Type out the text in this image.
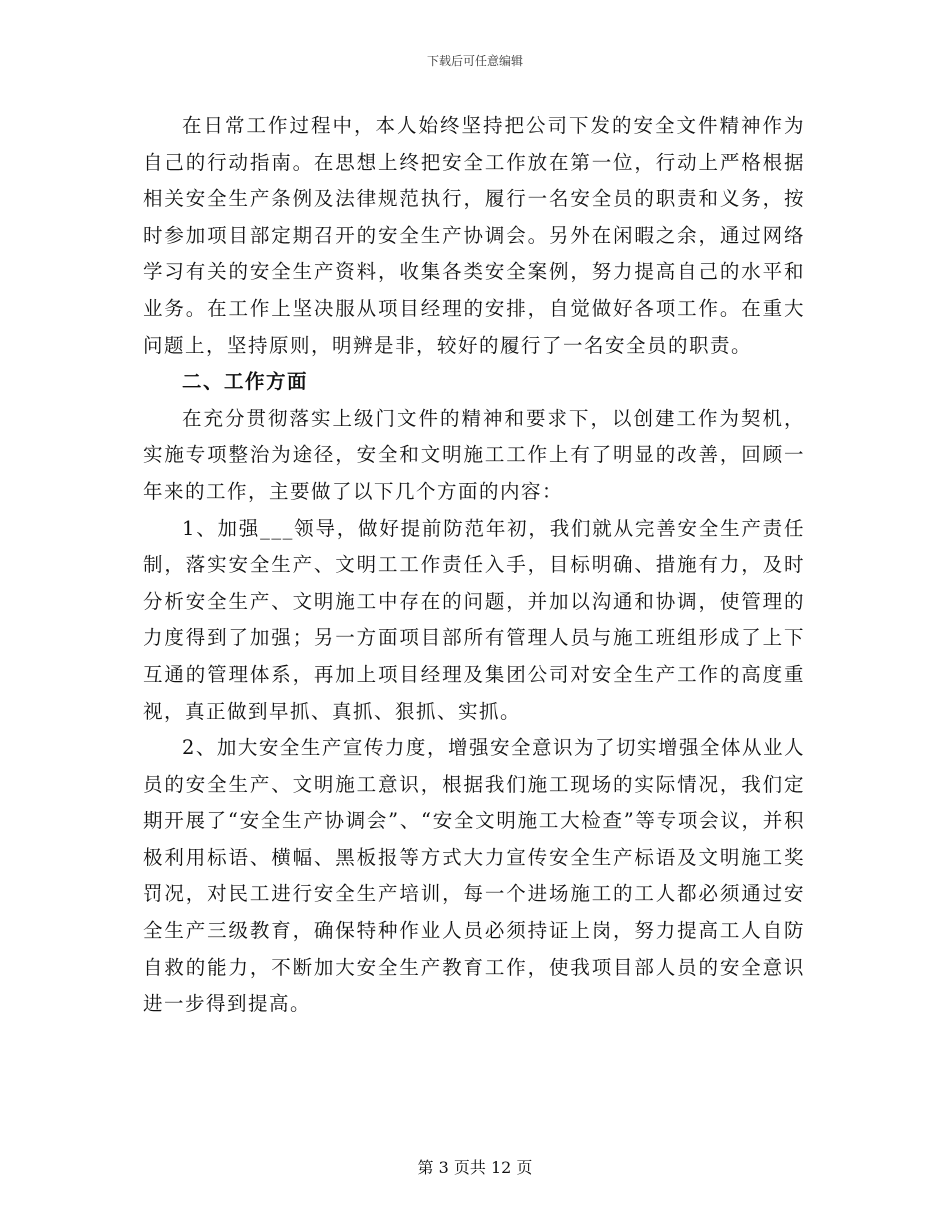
下载后可任意编辑

在日常工作过程中，本人始终坚持把公司下发的安全文件精神作为自己的行动指南。在思想上终把安全工作放在第一位，行动上严格根据相关安全生产条例及法律规范执行，履行一名安全员的职责和义务，按时参加项目部定期召开的安全生产协调会。另外在闲暇之余，通过网络学习有关的安全生产资料，收集各类安全案例，努力提高自己的水平和业务。在工作上坚决服从项目经理的安排，自觉做好各项工作。在重大问题上，坚持原则，明辨是非，较好的履行了一名安全员的职责。

二、工作方面

在充分贯彻落实上级门文件的精神和要求下，以创建工作为契机，实施专项整治为途径，安全和文明施工工作上有了明显的改善，回顾一年来的工作，主要做了以下几个方面的内容：

1、加强___领导，做好提前防范年初，我们就从完善安全生产责任制，落实安全生产、文明工工作责任入手，目标明确、措施有力，及时分析安全生产、文明施工中存在的问题，并加以沟通和协调，使管理的力度得到了加强；另一方面项目部所有管理人员与施工班组形成了上下互通的管理体系，再加上项目经理及集团公司对安全生产工作的高度重视，真正做到早抓、真抓、狠抓、实抓。

2、加大安全生产宣传力度，增强安全意识为了切实增强全体从业人员的安全生产、文明施工意识，根据我们施工现场的实际情况，我们定期开展了“安全生产协调会”、“安全文明施工大检查”等专项会议，并积极利用标语、横幅、黑板报等方式大力宣传安全生产标语及文明施工奖罚况，对民工进行安全生产培训，每一个进场施工的工人都必须通过安全生产三级教育，确保特种作业人员必须持证上岗，努力提高工人自防自救的能力，不断加大安全生产教育工作，使我项目部人员的安全意识进一步得到提高。

第 3 页共 12 页
